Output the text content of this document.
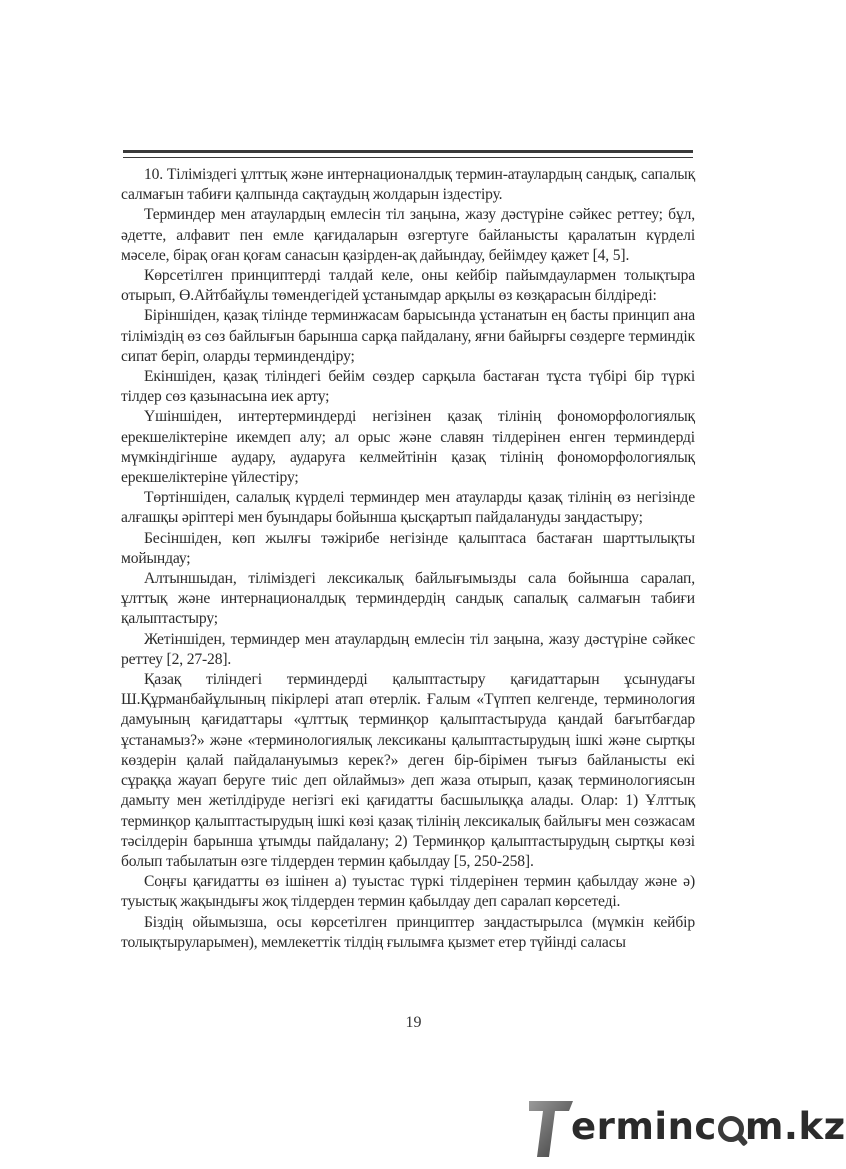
10. Тіліміздегі ұлттық және интернационалдық термин-атаулардың сандық, сапалық салмағын табиғи қалпында сақтаудың жолдарын іздестіру.

Терминдер мен атаулардың емлесін тіл заңына, жазу дәстүріне сәйкес реттеу; бұл, әдетте, алфавит пен емле қағидаларын өзгертуге байланысты қаралатын күрделі мәселе, бірақ оған қоғам санасын қазірден-ақ дайындау, бейімдеу қажет [4, 5].

Көрсетілген принциптерді талдай келе, оны кейбір пайымдаулармен толықтыра отырып, Ө.Айтбайұлы төмендегідей ұстанымдар арқылы өз көзқарасын білдіреді:

Біріншіден, қазақ тілінде терминжасам барысында ұстанатын ең басты принцип ана тіліміздің өз сөз байлығын барынша сарқа пайдалану, яғни байырғы сөздерге терминдік сипат беріп, оларды терминдендіру;

Екіншіден, қазақ тіліндегі бейім сөздер сарқыла бастаған тұста түбірі бір түркі тілдер сөз қазынасына иек арту;

Үшіншіден, интертерминдерді негізінен қазақ тілінің фономорфологиялық ерекшеліктеріне икемдеп алу; ал орыс және славян тілдерінен енген терминдерді мүмкіндігінше аудару, аударуға келмейтінін қазақ тілінің фономорфологиялық ерекшеліктеріне үйлестіру;

Төртіншіден, салалық күрделі терминдер мен атауларды қазақ тілінің өз негізінде алғашқы әріптері мен буындары бойынша қысқартып пайдалануды заңдастыру;

Бесіншіден, көп жылғы тәжірибе негізінде қалыптаса бастаған шарттылықты мойындау;

Алтыншыдан, тіліміздегі лексикалық байлығымызды сала бойынша саралап, ұлттық және интернационалдық терминдердің сандық сапалық салмағын табиғи қалыптастыру;

Жетіншіден, терминдер мен атаулардың емлесін тіл заңына, жазу дәстүріне сәйкес реттеу [2, 27-28].

Қазақ тіліндегі терминдерді қалыптастыру қағидаттарын ұсынудағы Ш.Құрманбайұлының пікірлері атап өтерлік. Ғалым «Түптеп келгенде, терминология дамуының қағидаттары «ұлттық терминқор қалыптастыруда қандай бағытбағдар ұстанамыз?» және «терминологиялық лексиканы қалыптастырудың ішкі және сыртқы көздерін қалай пайдалануымыз керек?» деген бір-бірімен тығыз байланысты екі сұраққа жауап беруге тиіс деп ойлаймыз» деп жаза отырып, қазақ терминологиясын дамыту мен жетілдіруде негізгі екі қағидатты басшылыққа алады. Олар: 1) Ұлттық терминқор қалыптастырудың ішкі көзі қазақ тілінің лексикалық байлығы мен сөзжасам тәсілдерін барынша ұтымды пайдалану; 2) Терминқор қалыптастырудың сыртқы көзі болып табылатын өзге тілдерден термин қабылдау [5, 250-258].

Соңғы қағидатты өз ішінен а) туыстас түркі тілдерінен термин қабылдау және ә) туыстық жақындығы жоқ тілдерден термин қабылдау деп саралап көрсетеді.

Біздің ойымызша, осы көрсетілген принциптер заңдастырылса (мүмкін кейбір толықтыруларымен), мемлекеттік тілдің ғылымға қызмет етер түйінді саласы

19
erminc m.kz
